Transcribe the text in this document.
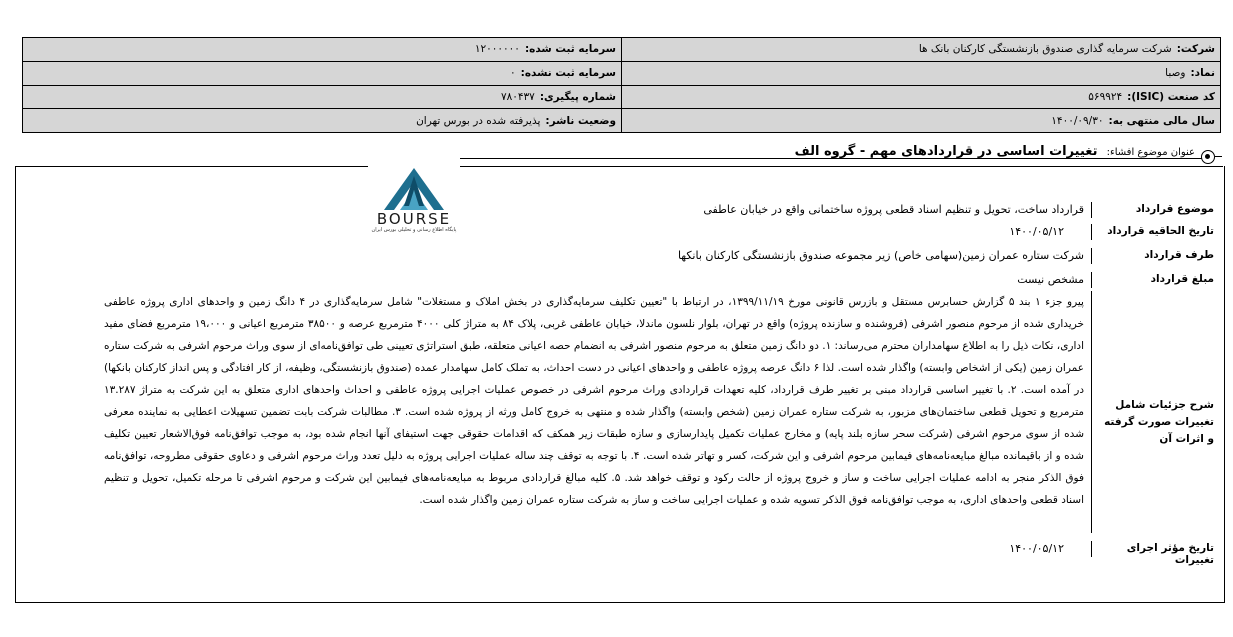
سرمایه ثبت شده:
۱۲۰۰۰۰۰۰
سرمایه ثبت نشده:
۰
شماره پیگیری:
۷۸۰۴۳۷
وضعیت ناشر:
پذیرفته شده در بورس تهران
شرکت:
شرکت سرمایه گذاری صندوق بازنشستگی کارکنان بانک ها
نماد:
وصبا
کد صنعت (ISIC):
۵۶۹۹۲۴
سال مالی منتهی به:
۱۴۰۰/۰۹/۳۰
عنوان موضوع افشاء: تغییرات اساسی در قراردادهای مهم - گروه الف
موضوع قرارداد
قرارداد ساخت، تحویل و تنظیم اسناد قطعی پروژه ساختمانی واقع در خیابان عاطفی
تاریخ الحاقیه قرارداد
۱۴۰۰/۰۵/۱۲
طرف قرارداد
شرکت ستاره عمران زمین(سهامی خاص) زیر مجموعه صندوق بازنشستگی کارکنان بانکها
مبلغ قرارداد
مشخص نیست
شرح جزئیات شامل تغییرات صورت گرفته و اثرات آن
پیرو جزء ۱ بند ۵ گزارش حسابرس مستقل و بازرس قانونی مورخ ۱۳۹۹/۱۱/۱۹، در ارتباط با "تعیین تکلیف سرمایه‌گذاری در بخش املاک و مستغلات" شامل سرمایه‌گذاری در ۴ دانگ زمین و واحدهای اداری پروژه عاطفی خریداری شده از مرحوم منصور اشرفی (فروشنده و سازنده پروژه) واقع در تهران، بلوار نلسون ماندلا، خیابان عاطفی غربی، پلاک ۸۴ به متراژ کلی ۴۰۰۰ مترمربع عرصه و ۳۸۵۰۰ مترمربع اعیانی و ۱۹،۰۰۰ مترمربع فضای مفید اداری، نکات ذیل را به اطلاع سهامداران محترم می‌رساند: ۱. دو دانگ زمین متعلق به مرحوم منصور اشرفی به انضمام حصه اعیانی متعلقه، طبق استراتژی تعیینی طی توافق‌نامه‌ای از سوی وراث مرحوم اشرفی به شرکت ستاره عمران زمین (یکی از اشخاص وابسته) واگذار شده است. لذا ۶ دانگ عرصه پروژه عاطفی و واحدهای اعیانی در دست احداث، به تملک کامل سهامدار عمده (صندوق بازنشستگی، وظیفه، از کار افتادگی و پس انداز کارکنان بانکها) در آمده است. ۲. با تغییر اساسی قرارداد مبنی بر تغییر طرف قرارداد، کلیه تعهدات قراردادی وراث مرحوم اشرفی در خصوص عملیات اجرایی پروژه عاطفی و احداث واحدهای اداری متعلق به این شرکت به متراژ ۱۳.۲۸۷ مترمربع و تحویل قطعی ساختمان‌های مزبور، به شرکت ستاره عمران زمین (شخص وابسته) واگذار شده و منتهی به خروج کامل ورثه از پروژه شده است. ۳. مطالبات شرکت بابت تضمین تسهیلات اعطایی به نماینده معرفی شده از سوی مرحوم اشرفی (شرکت سحر سازه بلند پایه) و مخارج عملیات تکمیل پایدارسازی و سازه طبقات زیر همکف که اقدامات حقوقی جهت استیفای آنها انجام شده بود، به موجب توافق‌نامه فوق‌الاشعار تعیین تکلیف شده و از باقیمانده مبالغ مبایعه‌نامه‌های فیمابین مرحوم اشرفی و این شرکت، کسر و تهاتر شده است. ۴. با توجه به توقف چند ساله عملیات اجرایی پروژه به دلیل تعدد وراث مرحوم اشرفی و دعاوی حقوقی مطروحه، توافق‌نامه فوق الذکر منجر به ادامه عملیات اجرایی ساخت و ساز و خروج پروژه از حالت رکود و توقف خواهد شد. ۵. کلیه مبالغ قراردادی مربوط به مبایعه‌نامه‌های فیمابین این شرکت و مرحوم اشرفی تا مرحله تکمیل، تحویل و تنظیم اسناد قطعی واحدهای اداری، به موجب توافق‌نامه فوق الذکر تسویه شده و عملیات اجرایی ساخت و ساز به شرکت ستاره عمران زمین واگذار شده است.
تاریخ مؤثر اجرای تغییرات
۱۴۰۰/۰۵/۱۲
BOURSE
پایگاه اطلاع رسانی و تحلیلی بورس ایران
